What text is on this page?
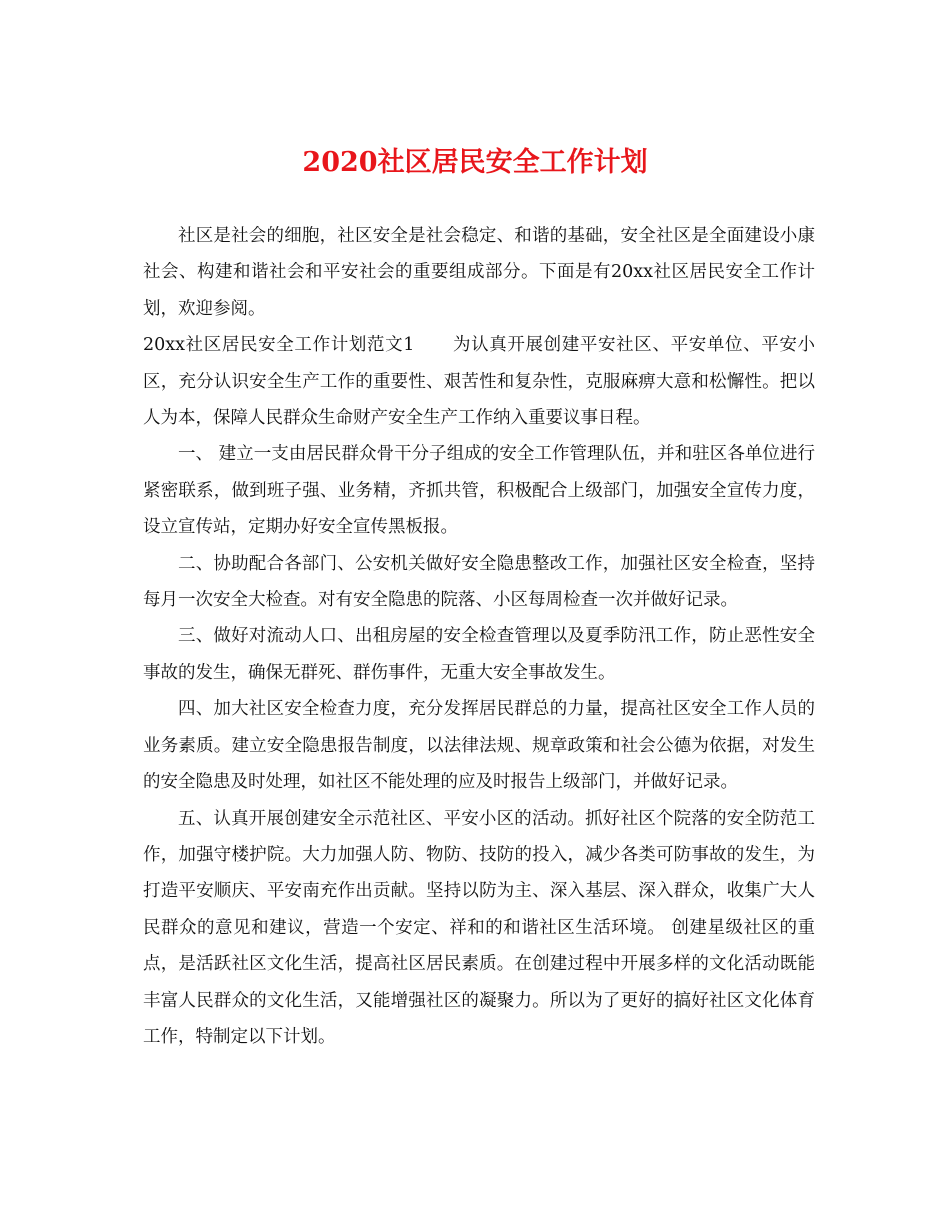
2020社区居民安全工作计划

社区是社会的细胞，社区安全是社会稳定、和谐的基础，安全社区是全面建设小康社会、构建和谐社会和平安社会的重要组成部分。下面是有20xx社区居民安全工作计划，欢迎参阅。

20xx社区居民安全工作计划范文1 为认真开展创建平安社区、平安单位、平安小区，充分认识安全生产工作的重要性、艰苦性和复杂性，克服麻痹大意和松懈性。把以人为本，保障人民群众生命财产安全生产工作纳入重要议事日程。

一、 建立一支由居民群众骨干分子组成的安全工作管理队伍，并和驻区各单位进行紧密联系，做到班子强、业务精，齐抓共管，积极配合上级部门，加强安全宣传力度，设立宣传站，定期办好安全宣传黑板报。

二、协助配合各部门、公安机关做好安全隐患整改工作，加强社区安全检查，坚持每月一次安全大检查。对有安全隐患的院落、小区每周检查一次并做好记录。

三、做好对流动人口、出租房屋的安全检查管理以及夏季防汛工作，防止恶性安全事故的发生，确保无群死、群伤事件，无重大安全事故发生。

四、加大社区安全检查力度，充分发挥居民群总的力量，提高社区安全工作人员的业务素质。建立安全隐患报告制度，以法律法规、规章政策和社会公德为依据，对发生的安全隐患及时处理，如社区不能处理的应及时报告上级部门，并做好记录。

五、认真开展创建安全示范社区、平安小区的活动。抓好社区个院落的安全防范工作，加强守楼护院。大力加强人防、物防、技防的投入，减少各类可防事故的发生，为打造平安顺庆、平安南充作出贡献。坚持以防为主、深入基层、深入群众，收集广大人民群众的意见和建议，营造一个安定、祥和的和谐社区生活环境。 创建星级社区的重点，是活跃社区文化生活，提高社区居民素质。在创建过程中开展多样的文化活动既能丰富人民群众的文化生活，又能增强社区的凝聚力。所以为了更好的搞好社区文化体育工作，特制定以下计划。
